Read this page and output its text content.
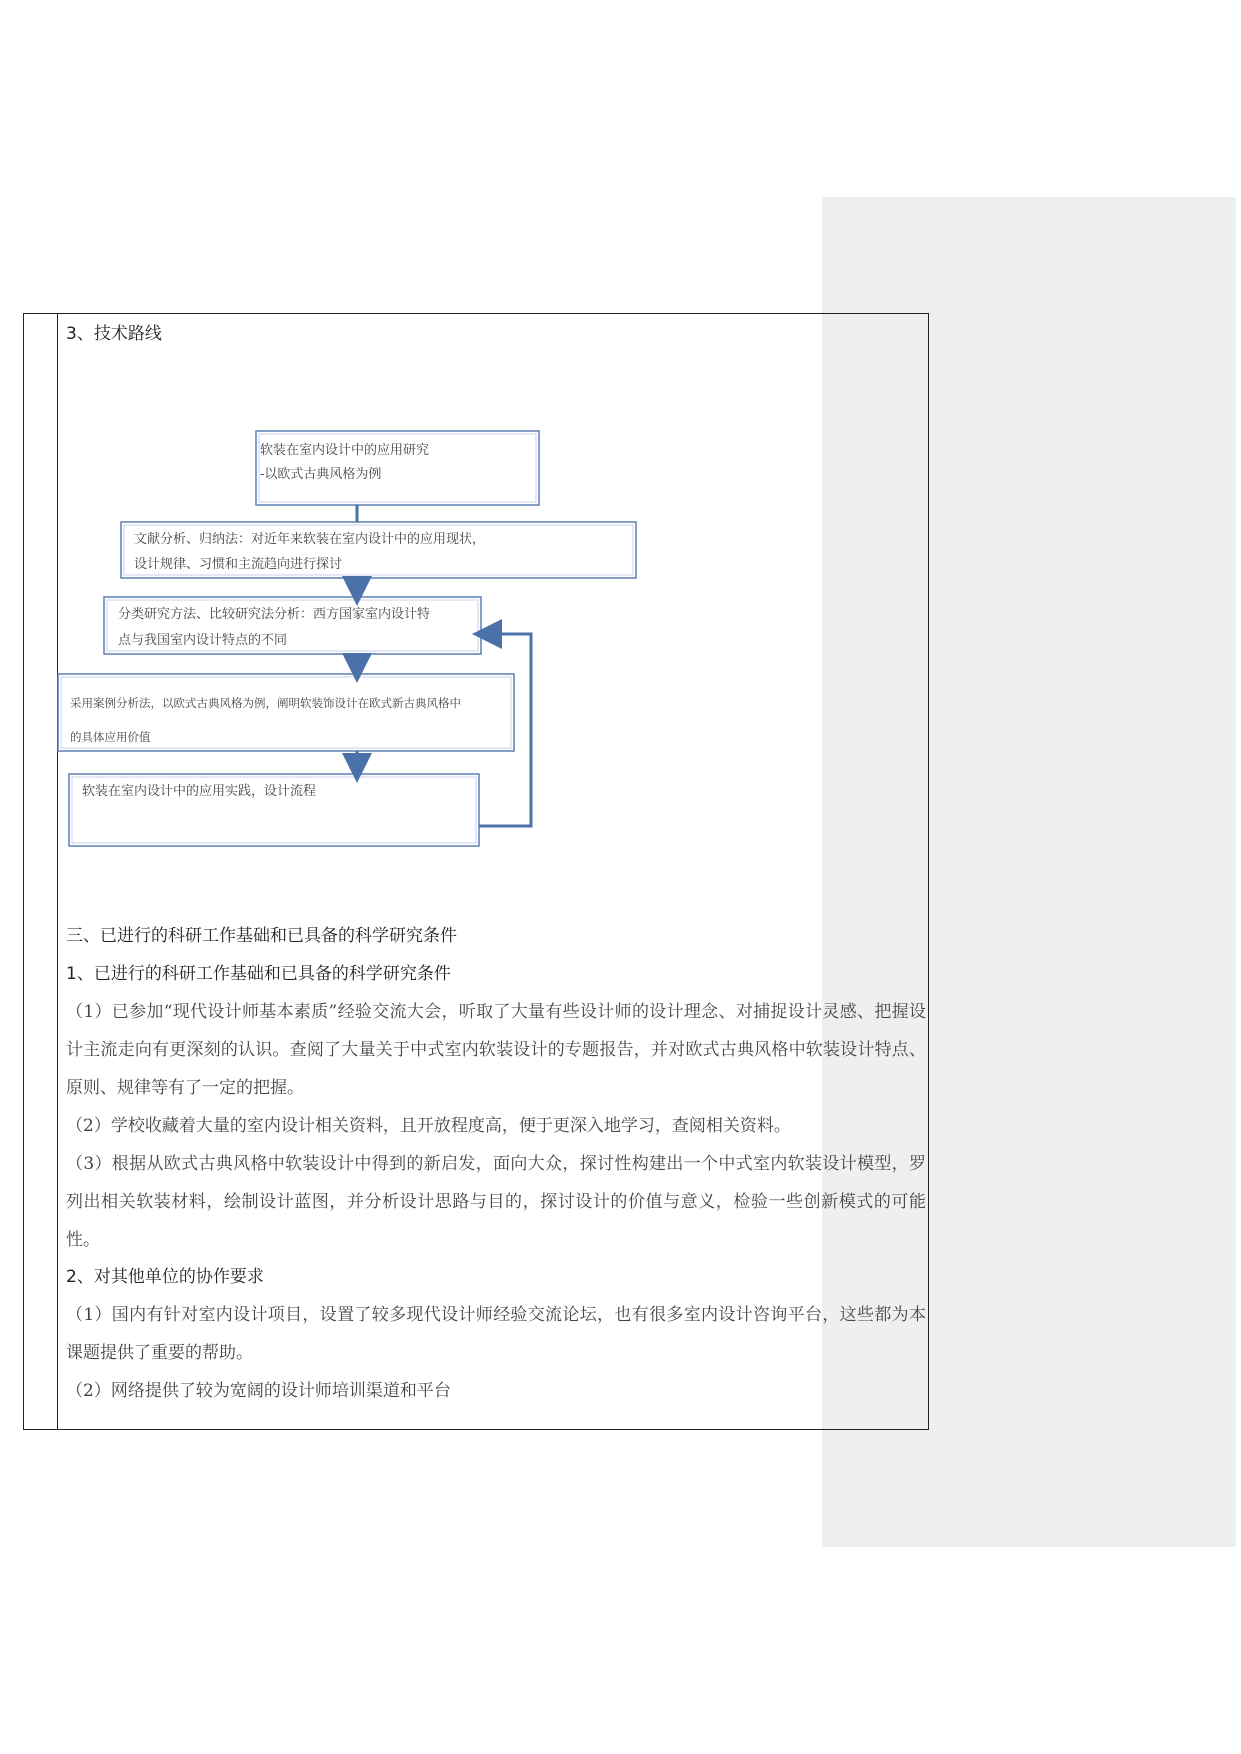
3、技术路线
软装在室内设计中的应用研究
-以欧式古典风格为例
文献分析、归纳法：对近年来软装在室内设计中的应用现状，
设计规律、习惯和主流趋向进行探讨
分类研究方法、比较研究法分析：西方国家室内设计特
点与我国室内设计特点的不同
采用案例分析法，以欧式古典风格为例，阐明软装饰设计在欧式新古典风格中
的具体应用价值
软装在室内设计中的应用实践，设计流程
三、已进行的科研工作基础和已具备的科学研究条件
1、已进行的科研工作基础和已具备的科学研究条件
（1）已参加“现代设计师基本素质”经验交流大会，听取了大量有些设计师的设计理念、对捕捉设计灵感、把握设计主流走向有更深刻的认识。查阅了大量关于中式室内软装设计的专题报告，并对欧式古典风格中软装设计特点、原则、规律等有了一定的把握。
（2）学校收藏着大量的室内设计相关资料，且开放程度高，便于更深入地学习，查阅相关资料。
（3）根据从欧式古典风格中软装设计中得到的新启发，面向大众，探讨性构建出一个中式室内软装设计模型，罗列出相关软装材料，绘制设计蓝图，并分析设计思路与目的，探讨设计的价值与意义，检验一些创新模式的可能性。
2、对其他单位的协作要求
（1）国内有针对室内设计项目，设置了较多现代设计师经验交流论坛，也有很多室内设计咨询平台，这些都为本课题提供了重要的帮助。
（2）网络提供了较为宽阔的设计师培训渠道和平台
